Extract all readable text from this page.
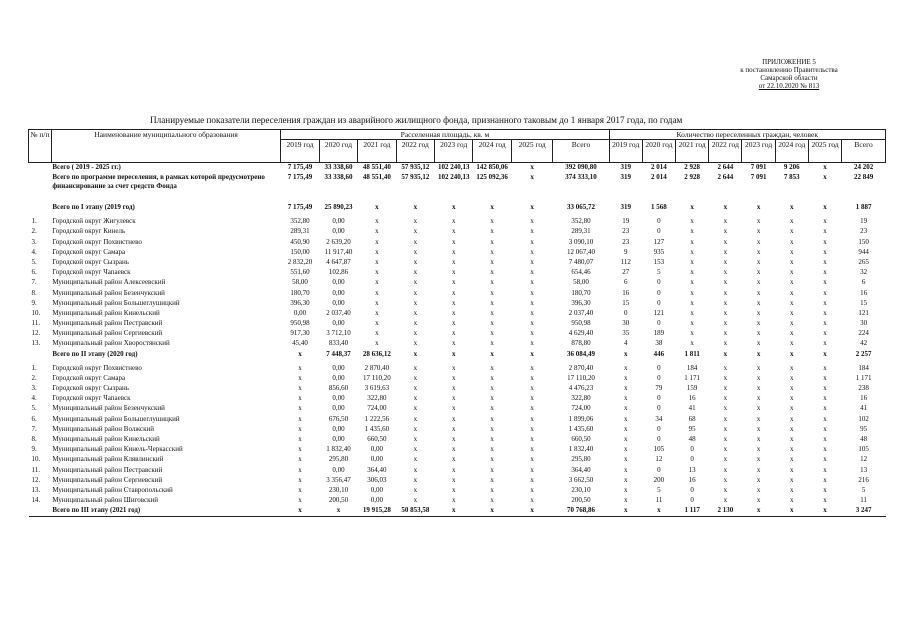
ПРИЛОЖЕНИЕ 5
к постановлению Правительства
Самарской области
от 22.10.2020 № 813
Планируемые показатели переселения граждан из аварийного жилищного фонда, признанного таковым до 1 января 2017 года, по годам
№ п/п	Наименование муниципального образования	Расселенная площадь, кв. м								Количество переселенных граждан, человек							
		2019 год	2020 год	2021 год	2022 год	2023 год	2024 год	2025 год	Всего	2019 год	2020 год	2021 год	2022 год	2023 год	2024 год	2025 год	Всего
	Всего ( 2019 - 2025 гг.)	7 175,49	33 338,60	48 551,40	57 935,12	102 240,13	142 850,06	х	392 090,80	319	2 014	2 928	2 644	7 091	9 206	х	24 202
	Всего по программе переселения, в рамках которой предусмотрено финансирование за счет средств Фонда	7 175,49	33 338,60	48 551,40	57 935,12	102 240,13	125 092,36	х	374 333,10	319	2 014	2 928	2 644	7 091	7 853	х	22 849
	Всего по I этапу (2019 год)	7 175,49	25 890,23	х	х	х	х	х	33 065,72	319	1 568	х	х	х	х	х	1 887
1.	Городской округ Жигулевск	352,80	0,00	х	х	х	х	х	352,80	19	0	х	х	х	х	х	19
2.	Городской округ Кинель	289,31	0,00	х	х	х	х	х	289,31	23	0	х	х	х	х	х	23
3.	Городской округ Похвистнево	450,90	2 639,20	х	х	х	х	х	3 090,10	23	127	х	х	х	х	х	150
4.	Городской округ Самара	150,00	11 917,40	х	х	х	х	х	12 067,40	9	935	х	х	х	х	х	944
5.	Городской округ Сызрань	2 832,20	4 647,87	х	х	х	х	х	7 480,07	112	153	х	х	х	х	х	265
6.	Городской округ Чапаевск	551,60	102,86	х	х	х	х	х	654,46	27	5	х	х	х	х	х	32
7.	Муниципальный район Алексеевский	58,00	0,00	х	х	х	х	х	58,00	6	0	х	х	х	х	х	6
8.	Муниципальный район Безенчукский	180,70	0,00	х	х	х	х	х	180,70	16	0	х	х	х	х	х	16
9.	Муниципальный район Большеглушицкий	396,30	0,00	х	х	х	х	х	396,30	15	0	х	х	х	х	х	15
10.	Муниципальный район Кинельский	0,00	2 037,40	х	х	х	х	х	2 037,40	0	121	х	х	х	х	х	121
11.	Муниципальный район Пестравский	950,98	0,00	х	х	х	х	х	950,98	30	0	х	х	х	х	х	30
12.	Муниципальный район Сергиевский	917,30	3 712,10	х	х	х	х	х	4 629,40	35	189	х	х	х	х	х	224
13.	Муниципальный район Хворостянский	45,40	833,40	х	х	х	х	х	878,80	4	38	х	х	х	х	х	42
	Всего по II этапу (2020 год)	х	7 448,37	28 636,12	х	х	х	х	36 084,49	х	446	1 811	х	х	х	х	2 257
1.	Городской округ Похвистнево	х	0,00	2 870,40	х	х	х	х	2 870,40	х	0	184	х	х	х	х	184
2.	Городской округ Самара	х	0,00	17 110,20	х	х	х	х	17 110,20	х	0	1 171	х	х	х	х	1 171
3.	Городской округ Сызрань	х	856,60	3 619,63	х	х	х	х	4 476,23	х	79	159	х	х	х	х	238
4.	Городской округ Чапаевск	х	0,00	322,80	х	х	х	х	322,80	х	0	16	х	х	х	х	16
5.	Муниципальный район Безенчукский	х	0,00	724,00	х	х	х	х	724,00	х	0	41	х	х	х	х	41
6.	Муниципальный район Большеглушицкий	х	676,50	1 222,56	х	х	х	х	1 899,06	х	34	68	х	х	х	х	102
7.	Муниципальный район Волжский	х	0,00	1 435,60	х	х	х	х	1 435,60	х	0	95	х	х	х	х	95
8.	Муниципальный район Кинельский	х	0,00	660,50	х	х	х	х	660,50	х	0	48	х	х	х	х	48
9.	Муниципальный район Кинель-Черкасский	х	1 832,40	0,00	х	х	х	х	1 832,40	х	105	0	х	х	х	х	105
10.	Муниципальный район Клявлинский	х	295,80	0,00	х	х	х	х	295,80	х	12	0	х	х	х	х	12
11.	Муниципальный район Пестравский	х	0,00	364,40	х	х	х	х	364,40	х	0	13	х	х	х	х	13
12.	Муниципальный район Сергиевский	х	3 356,47	306,03	х	х	х	х	3 662,50	х	200	16	х	х	х	х	216
13.	Муниципальный район Ставропольский	х	230,10	0,00	х	х	х	х	230,10	х	5	0	х	х	х	х	5
14.	Муниципальный район Шиговский	х	200,50	0,00	х	х	х	х	200,50	х	11	0	х	х	х	х	11
	Всего по III этапу (2021 год)	х	х	19 915,28	50 853,58	х	х	х	70 768,86	х	х	1 117	2 130	х	х	х	3 247
